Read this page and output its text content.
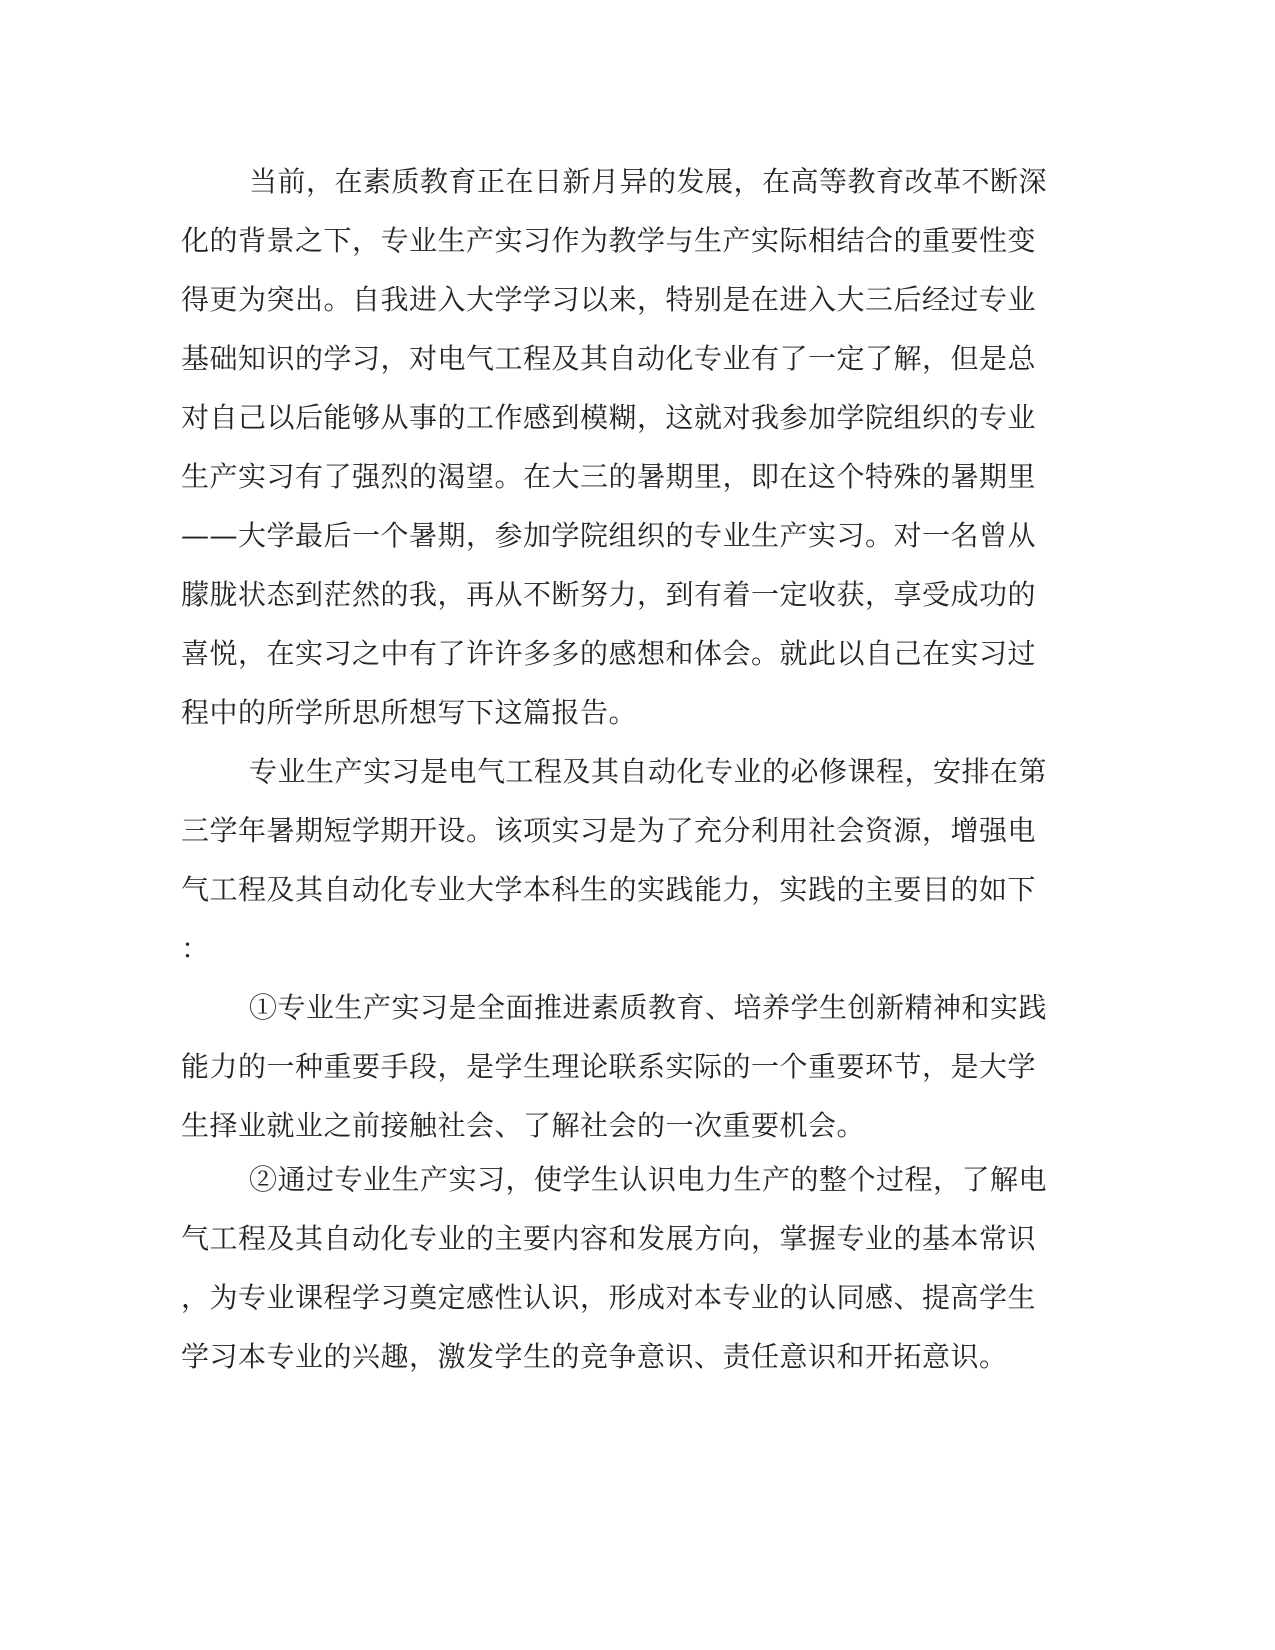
当前，在素质教育正在日新月异的发展，在高等教育改革不断深
化的背景之下，专业生产实习作为教学与生产实际相结合的重要性变
得更为突出。自我进入大学学习以来，特别是在进入大三后经过专业
基础知识的学习，对电气工程及其自动化专业有了一定了解，但是总
对自己以后能够从事的工作感到模糊，这就对我参加学院组织的专业
生产实习有了强烈的渴望。在大三的暑期里，即在这个特殊的暑期里
——大学最后一个暑期，参加学院组织的专业生产实习。对一名曾从
朦胧状态到茫然的我，再从不断努力，到有着一定收获，享受成功的
喜悦，在实习之中有了许许多多的感想和体会。就此以自己在实习过
程中的所学所思所想写下这篇报告。
专业生产实习是电气工程及其自动化专业的必修课程，安排在第
三学年暑期短学期开设。该项实习是为了充分利用社会资源，增强电
气工程及其自动化专业大学本科生的实践能力，实践的主要目的如下
：
①专业生产实习是全面推进素质教育、培养学生创新精神和实践
能力的一种重要手段，是学生理论联系实际的一个重要环节，是大学
生择业就业之前接触社会、了解社会的一次重要机会。
②通过专业生产实习，使学生认识电力生产的整个过程，了解电
气工程及其自动化专业的主要内容和发展方向，掌握专业的基本常识
，为专业课程学习奠定感性认识，形成对本专业的认同感、提高学生
学习本专业的兴趣，激发学生的竞争意识、责任意识和开拓意识。
